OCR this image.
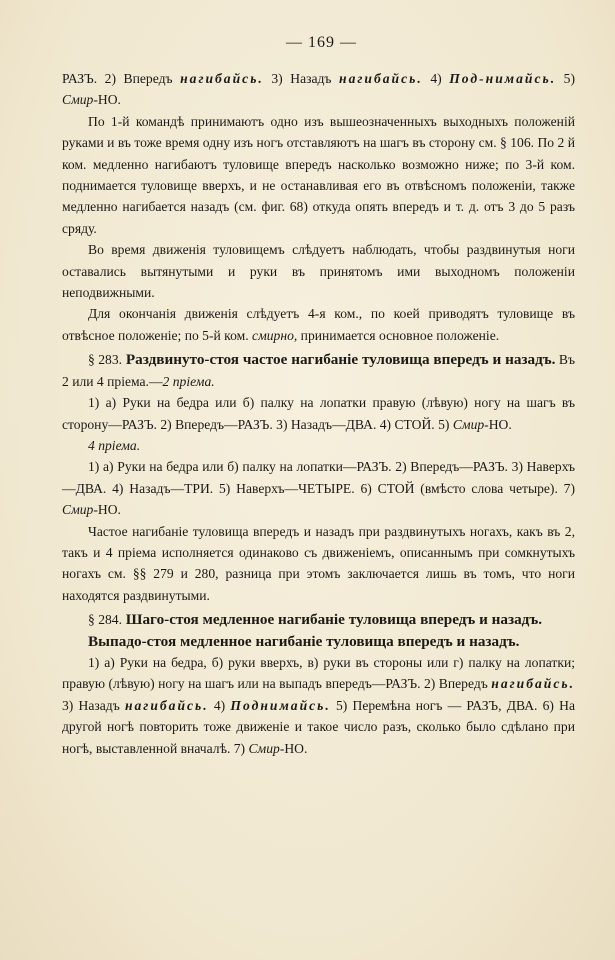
— 169 —

РАЗЪ. 2) Впередъ нагибайсь. 3) Назадъ нагибайсь. 4) Под-нимайсь. 5) Смир-НО.

По 1-й командѣ принимаютъ одно изъ вышеозначенныхъ выходныхъ положеній руками и въ тоже время одну изъ ногъ отставляютъ на шагъ въ сторону см. § 106. По 2 й ком. медленно нагибаютъ туловище впередъ насколько возможно ниже; по 3-й ком. поднимается туловище вверхъ, и не останавливая его въ отвѣсномъ положеніи, также медленно нагибается назадъ (см. фиг. 68) откуда опять впередъ и т. д. отъ 3 до 5 разъ сряду.

Во время движенія туловищемъ слѣдуетъ наблюдать, чтобы раздвинутыя ноги оставались вытянутыми и руки въ принятомъ ими выходномъ положеніи неподвижными.

Для окончанія движенія слѣдуетъ 4-я ком., по коей приводятъ туловище въ отвѣсное положеніе; по 5-й ком. смирно, принимается основное положеніе.

§ 283. Раздвинуто-стоя частое нагибаніе туловища впередъ и назадъ. Въ 2 или 4 пріема.—2 пріема.

1) а) Руки на бедра или б) палку на лопатки правую (лѣвую) ногу на шагъ въ сторону—РАЗЪ. 2) Впередъ—РАЗЪ. 3) Назадъ—ДВА. 4) СТОЙ. 5) Смир-НО.

4 пріема.

1) а) Руки на бедра или б) палку на лопатки—РАЗЪ. 2) Впередъ—РАЗЪ. 3) Наверхъ—ДВА. 4) Назадъ—ТРИ. 5) Наверхъ—ЧЕТЫРЕ. 6) СТОЙ (вмѣсто слова четыре). 7) Смир-НО.

Частое нагибаніе туловища впередъ и назадъ при раздвинутыхъ ногахъ, какъ въ 2, такъ и 4 пріема исполняется одинаково съ движеніемъ, описаннымъ при сомкнутыхъ ногахъ см. §§ 279 и 280, разница при этомъ заключается лишь въ томъ, что ноги находятся раздвинутыми.

§ 284. Шаго-стоя медленное нагибаніе туловища впередъ и назадъ.

Выпадо-стоя медленное нагибаніе туловища впередъ и назадъ.

1) а) Руки на бедра, б) руки вверхъ, в) руки въ стороны или г) палку на лопатки; правую (лѣвую) ногу на шагъ или на выпадъ впередъ—РАЗЪ. 2) Впередъ нагибайсь. 3) Назадъ нагибайсь. 4) Поднимайсь. 5) Перемѣна ногъ — РАЗЪ, ДВА. 6) На другой ногѣ повторить тоже движеніе и такое число разъ, сколько было сдѣлано при ногѣ, выставленной вначалѣ. 7) Смир-НО.
